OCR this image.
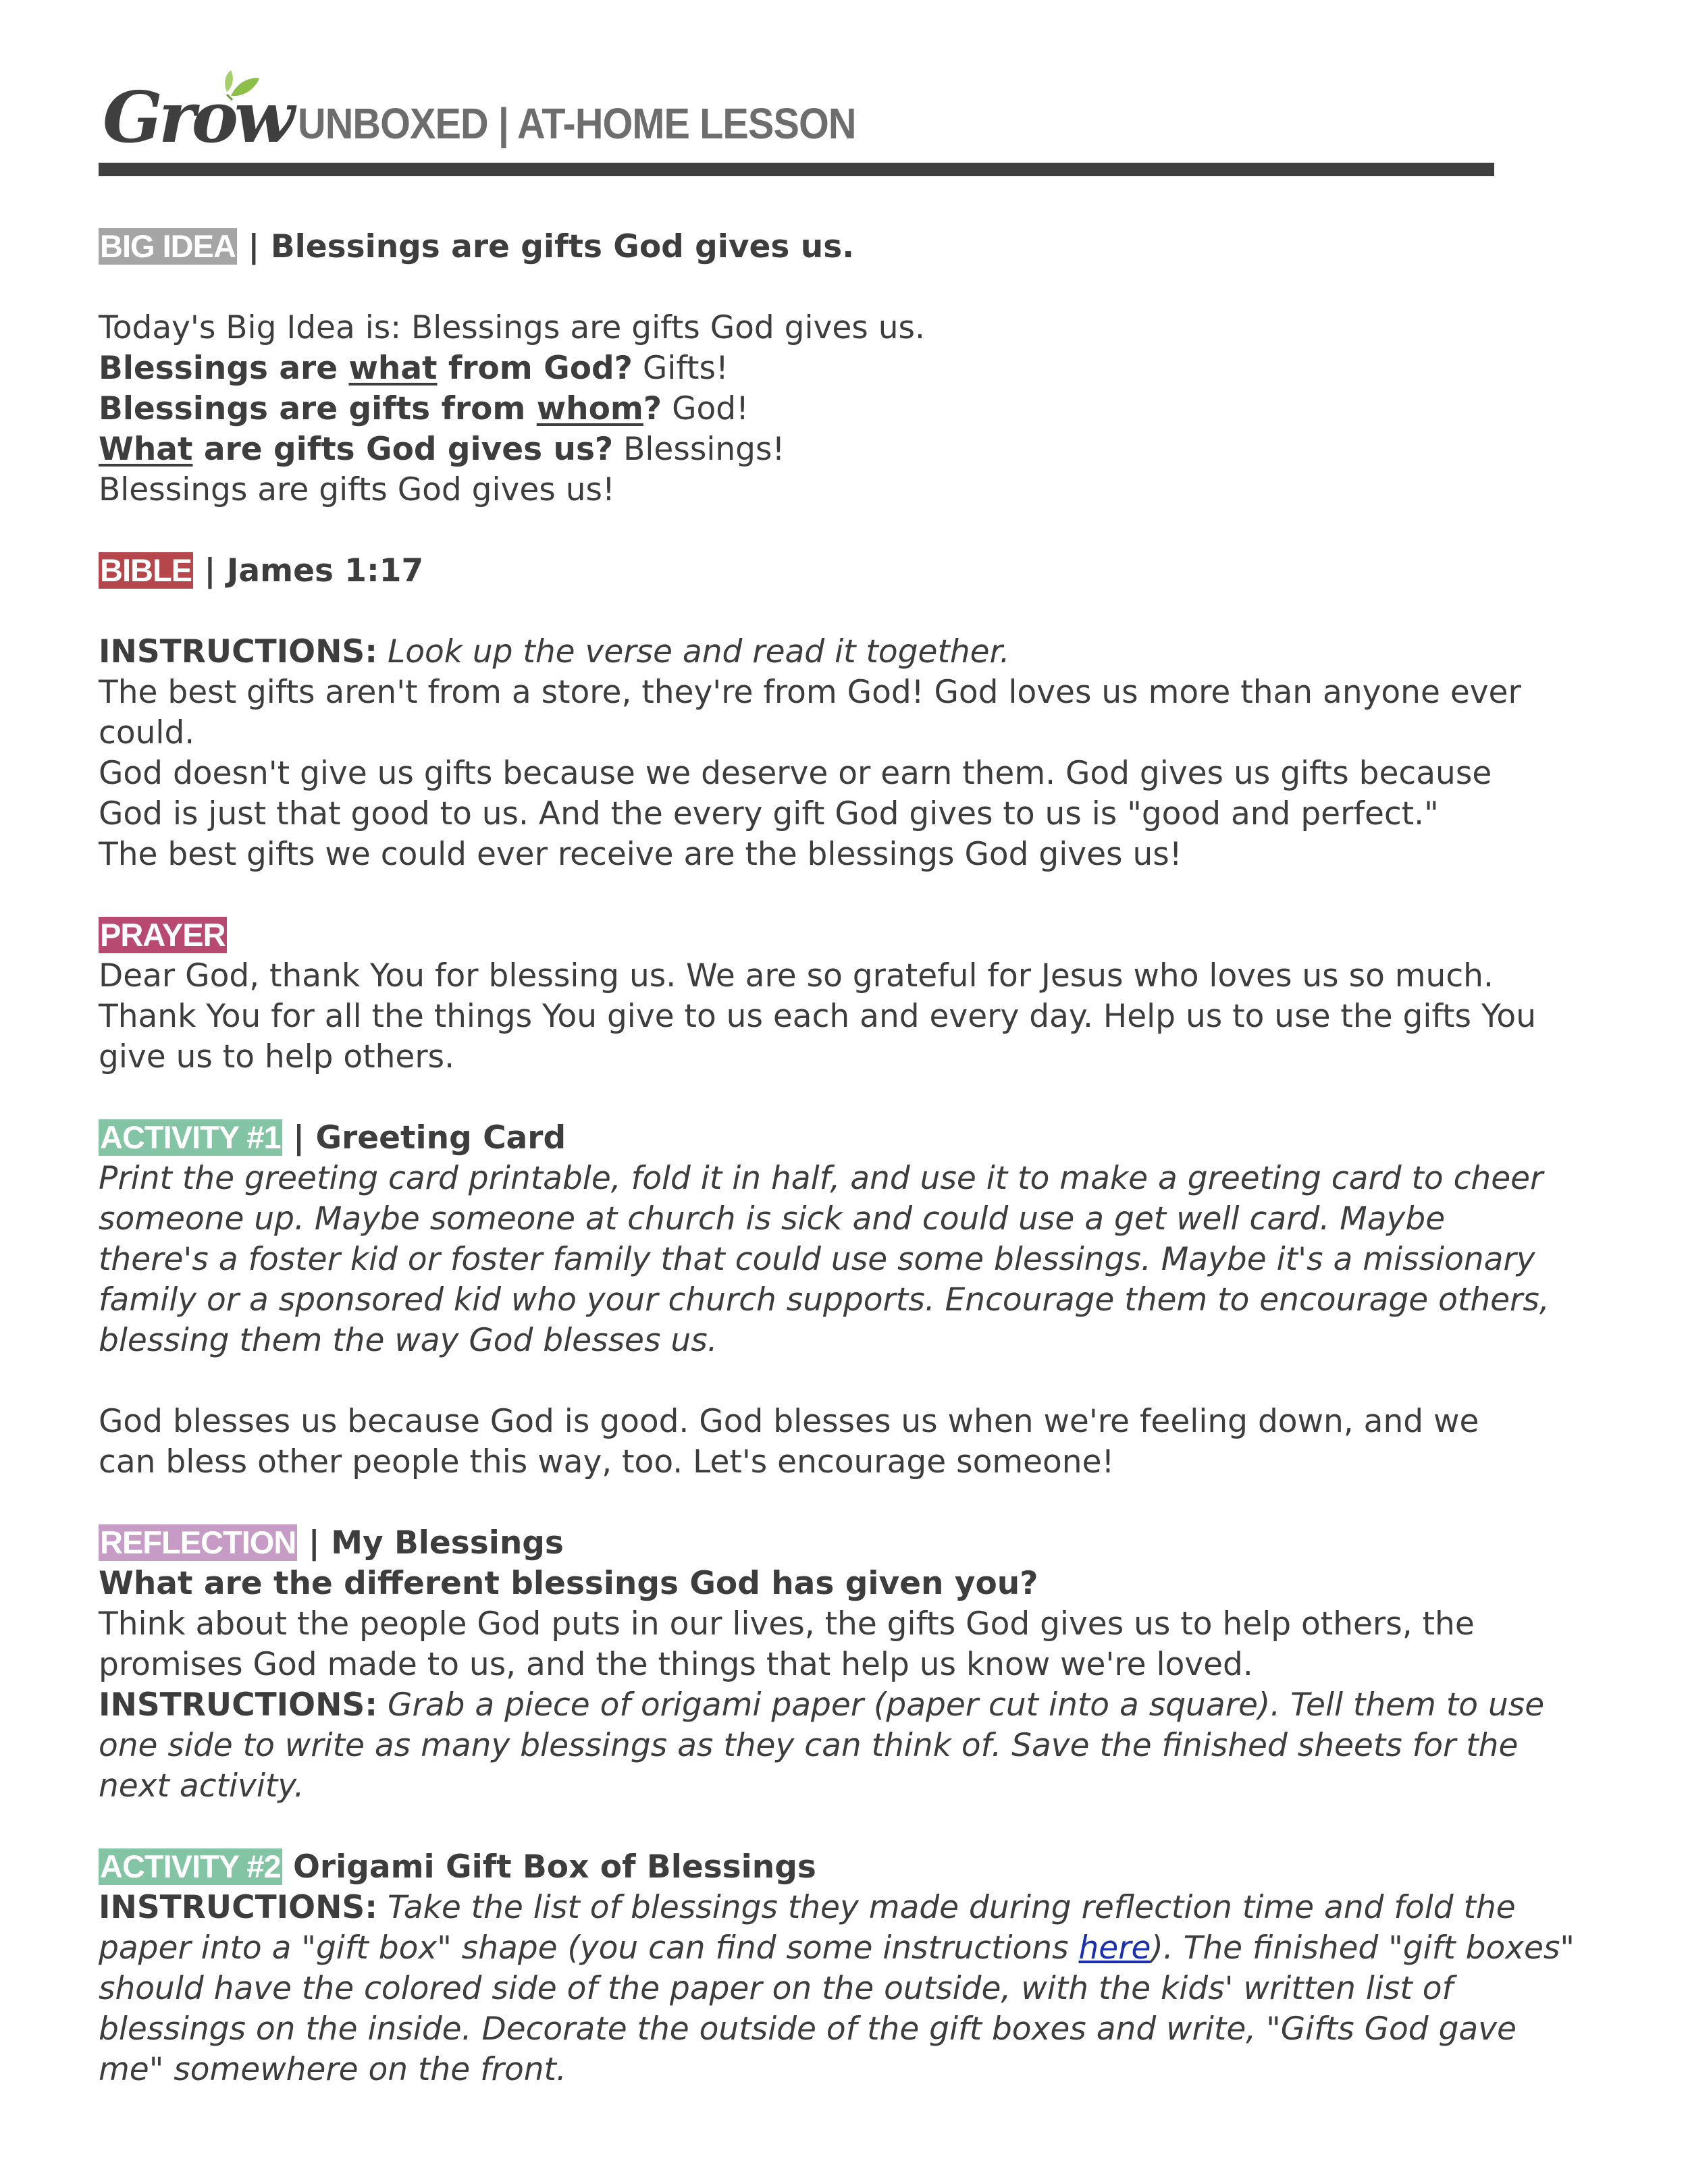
Grow UNBOXED | AT-HOME LESSON
BIG IDEA | Blessings are gifts God gives us.
Today's Big Idea is: Blessings are gifts God gives us.
Blessings are what from God? Gifts!
Blessings are gifts from whom? God!
What are gifts God gives us? Blessings!
Blessings are gifts God gives us!
BIBLE | James 1:17
INSTRUCTIONS: Look up the verse and read it together.
The best gifts aren't from a store, they're from God! God loves us more than anyone ever
could.
God doesn't give us gifts because we deserve or earn them. God gives us gifts because
God is just that good to us. And the every gift God gives to us is "good and perfect."
The best gifts we could ever receive are the blessings God gives us!
PRAYER
Dear God, thank You for blessing us. We are so grateful for Jesus who loves us so much.
Thank You for all the things You give to us each and every day. Help us to use the gifts You
give us to help others.
ACTIVITY #1 | Greeting Card
Print the greeting card printable, fold it in half, and use it to make a greeting card to cheer
someone up. Maybe someone at church is sick and could use a get well card. Maybe
there's a foster kid or foster family that could use some blessings. Maybe it's a missionary
family or a sponsored kid who your church supports. Encourage them to encourage others,
blessing them the way God blesses us.
God blesses us because God is good. God blesses us when we're feeling down, and we
can bless other people this way, too. Let's encourage someone!
REFLECTION | My Blessings
What are the different blessings God has given you?
Think about the people God puts in our lives, the gifts God gives us to help others, the
promises God made to us, and the things that help us know we're loved.
INSTRUCTIONS: Grab a piece of origami paper (paper cut into a square). Tell them to use
one side to write as many blessings as they can think of. Save the finished sheets for the
next activity.
ACTIVITY #2 Origami Gift Box of Blessings
INSTRUCTIONS: Take the list of blessings they made during reflection time and fold the
paper into a "gift box" shape (you can find some instructions here). The finished "gift boxes"
should have the colored side of the paper on the outside, with the kids' written list of
blessings on the inside. Decorate the outside of the gift boxes and write, "Gifts God gave
me" somewhere on the front.
